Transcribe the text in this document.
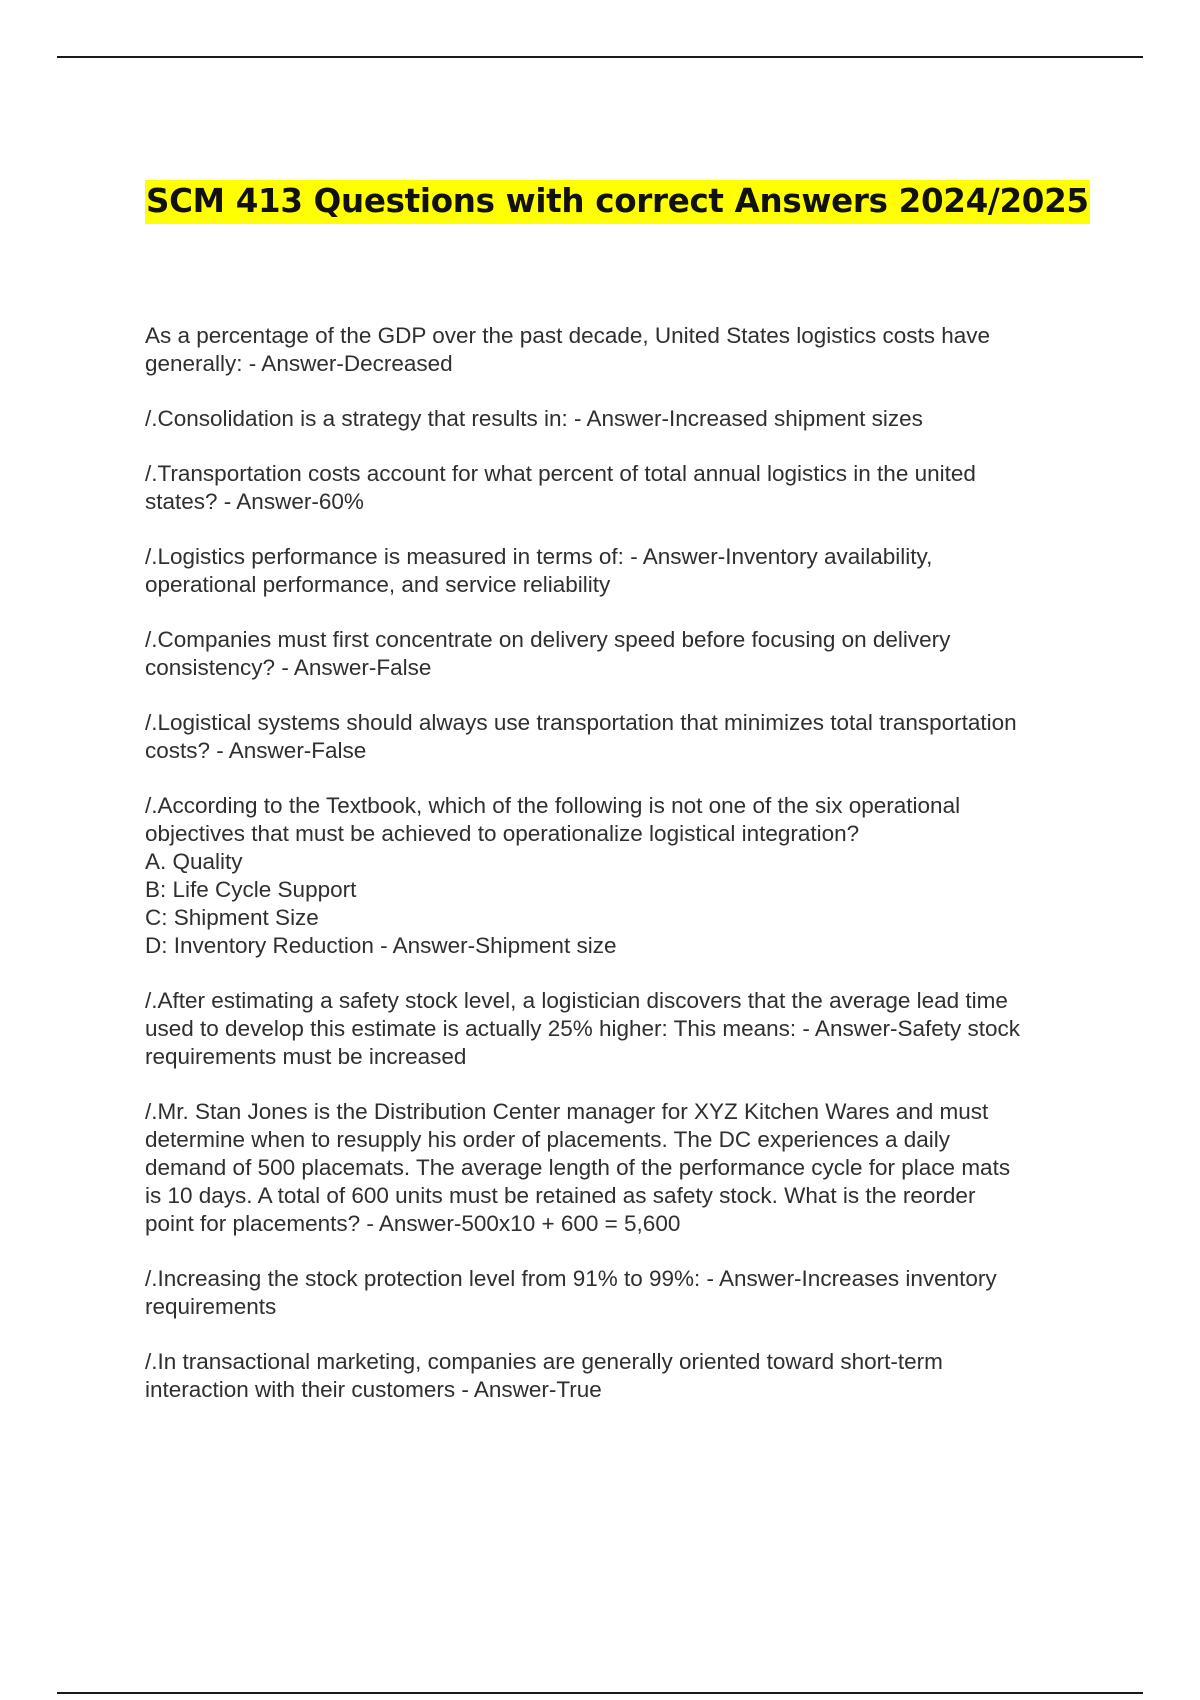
SCM 413 Questions with correct Answers 2024/2025
As a percentage of the GDP over the past decade, United States logistics costs have
generally: - Answer-Decreased
/.Consolidation is a strategy that results in: - Answer-Increased shipment sizes
/.Transportation costs account for what percent of total annual logistics in the united
states? - Answer-60%
/.Logistics performance is measured in terms of: - Answer-Inventory availability,
operational performance, and service reliability
/.Companies must first concentrate on delivery speed before focusing on delivery
consistency? - Answer-False
/.Logistical systems should always use transportation that minimizes total transportation
costs? - Answer-False
/.According to the Textbook, which of the following is not one of the six operational
objectives that must be achieved to operationalize logistical integration?
A. Quality
B: Life Cycle Support
C: Shipment Size
D: Inventory Reduction - Answer-Shipment size
/.After estimating a safety stock level, a logistician discovers that the average lead time
used to develop this estimate is actually 25% higher: This means: - Answer-Safety stock
requirements must be increased
/.Mr. Stan Jones is the Distribution Center manager for XYZ Kitchen Wares and must
determine when to resupply his order of placements. The DC experiences a daily
demand of 500 placemats. The average length of the performance cycle for place mats
is 10 days. A total of 600 units must be retained as safety stock. What is the reorder
point for placements? - Answer-500x10 + 600 = 5,600
/.Increasing the stock protection level from 91% to 99%: - Answer-Increases inventory
requirements
/.In transactional marketing, companies are generally oriented toward short-term
interaction with their customers - Answer-True
